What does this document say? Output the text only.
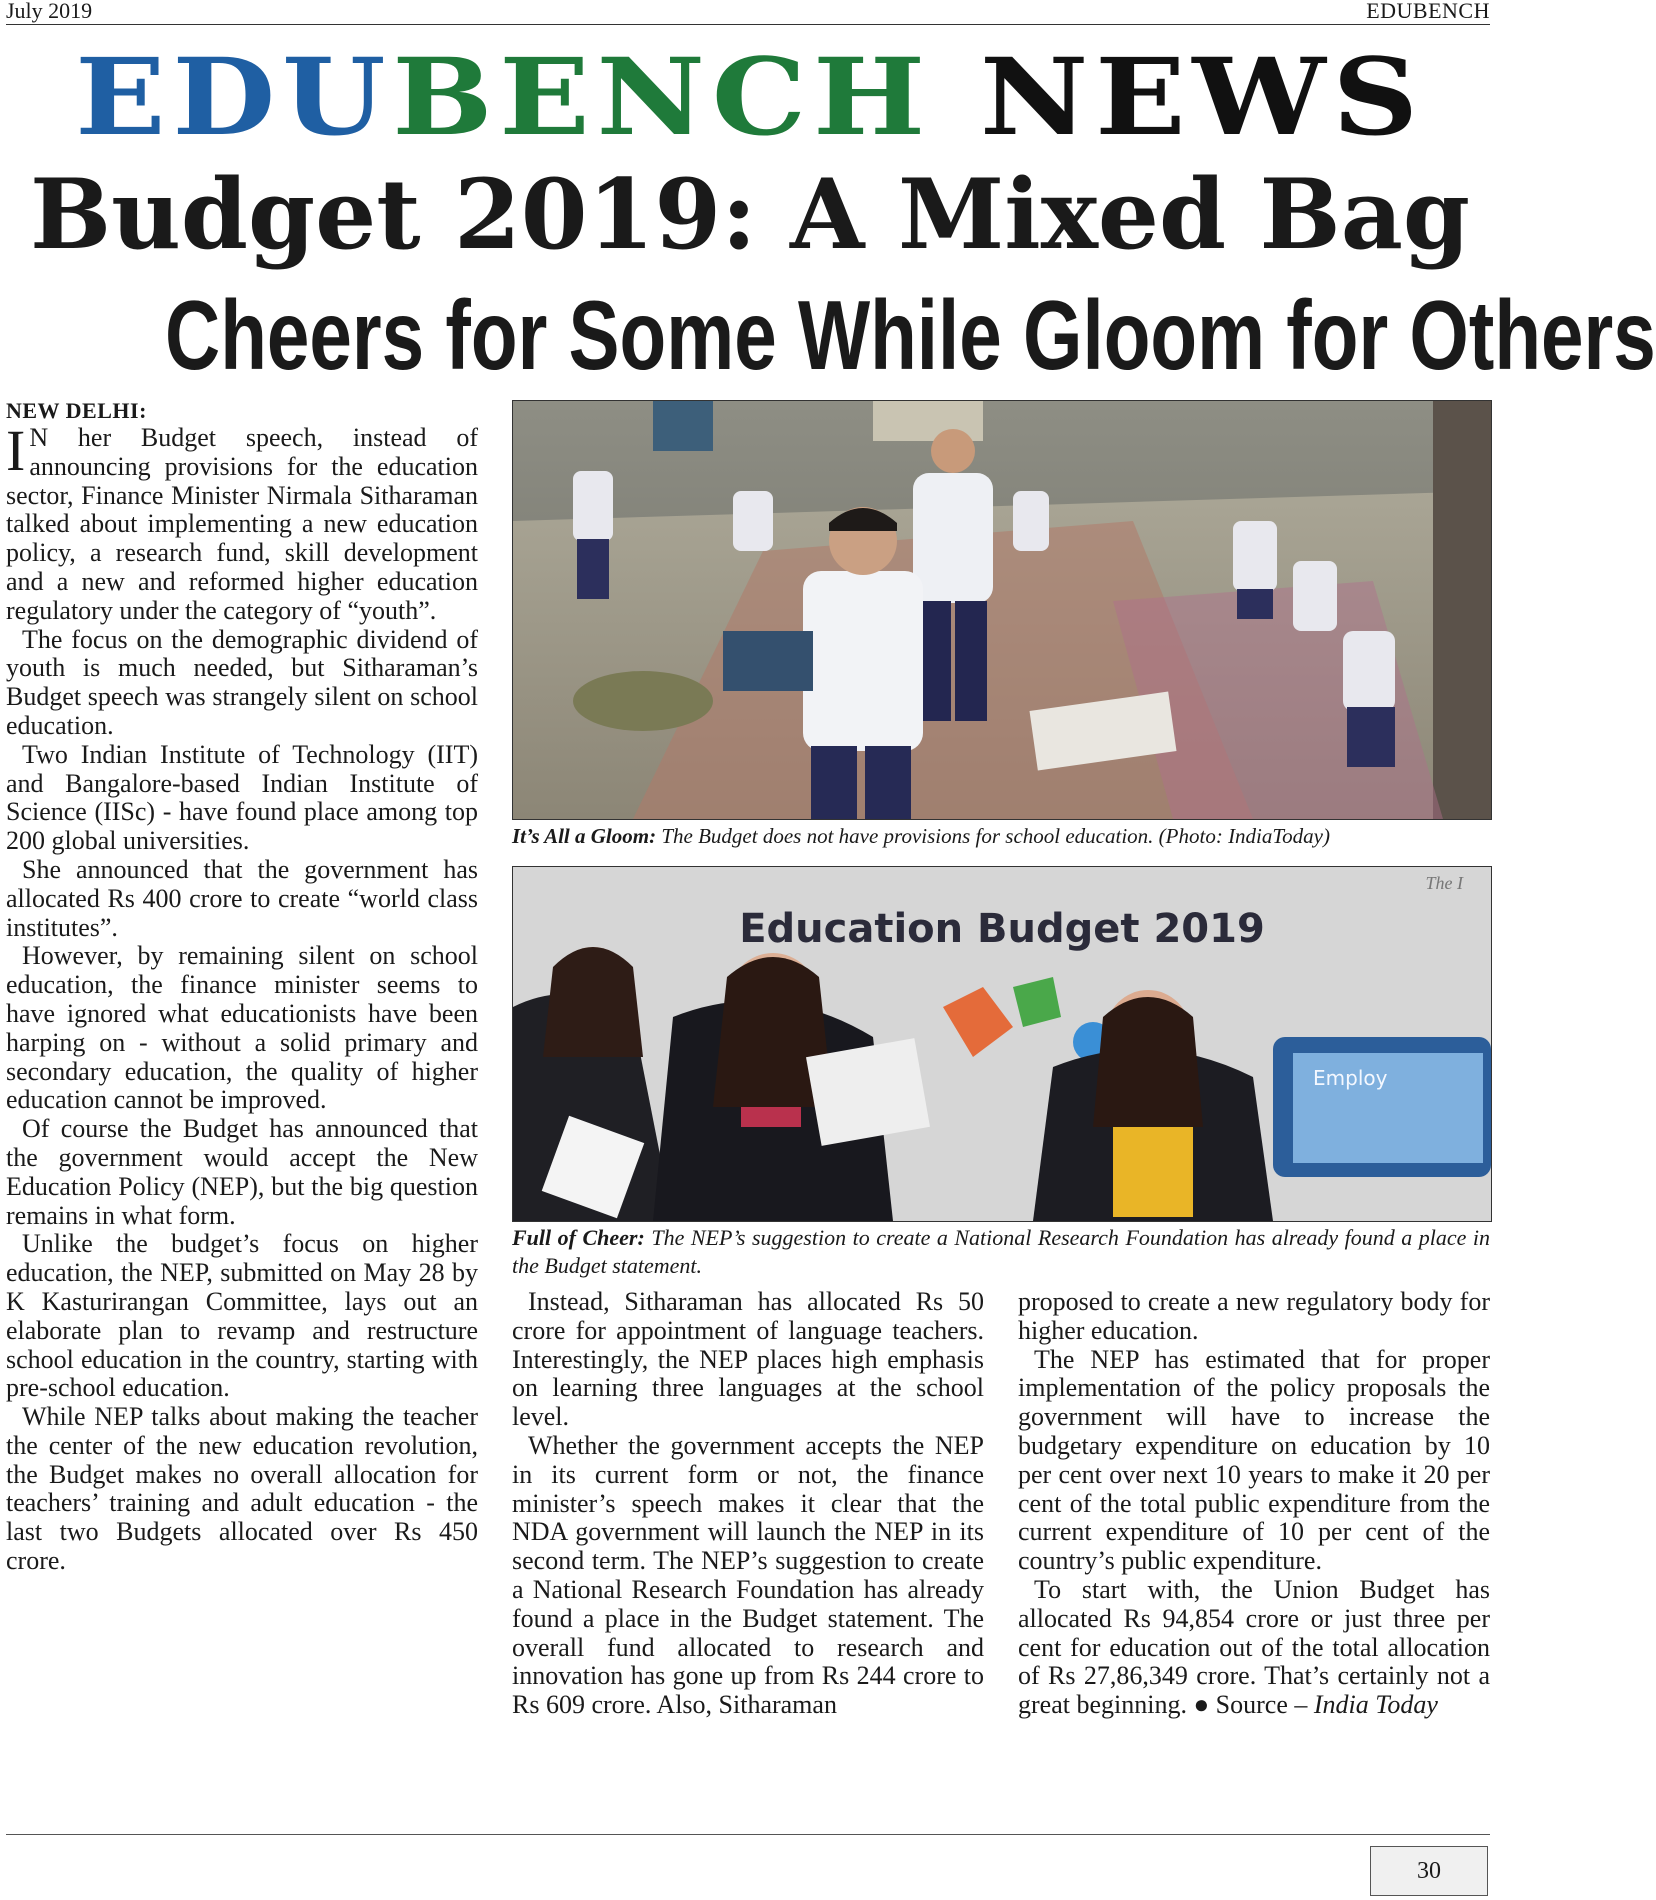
July 2019	EDUBENCH
EDUBENCH NEWS
Budget 2019: A Mixed Bag
Cheers for Some While Gloom for Others
NEW DELHI:

I N her Budget speech, instead of announcing provisions for the education sector, Finance Minister Nirmala Sitharaman talked about implementing a new education policy, a research fund, skill development and a new and reformed higher education regulatory under the category of “youth”.

The focus on the demographic dividend of youth is much needed, but Sitharaman’s Budget speech was strangely silent on school education.

Two Indian Institute of Technology (IIT) and Bangalore-based Indian Institute of Science (IISc) - have found place among top 200 global universities.

She announced that the government has allocated Rs 400 crore to create “world class institutes”.

However, by remaining silent on school education, the finance minister seems to have ignored what educationists have been harping on - without a solid primary and secondary education, the quality of higher education cannot be improved.

Of course the Budget has announced that the government would accept the New Education Policy (NEP), but the big question remains in what form.

Unlike the budget’s focus on higher education, the NEP, submitted on May 28 by K Kasturirangan Committee, lays out an elaborate plan to revamp and restructure school education in the country, starting with pre-school education.

While NEP talks about making the teacher the center of the new education revolution, the Budget makes no overall allocation for teachers’ training and adult education - the last two Budgets allocated over Rs 450 crore.

It’s All a Gloom: The Budget does not have provisions for school education. (Photo: IndiaToday)
The I
Education Budget 2019
Employ
Full of Cheer: The NEP’s suggestion to create a National Research Foundation has already found a place in the Budget statement.

Instead, Sitharaman has allocated Rs 50 crore for appointment of language teachers. Interestingly, the NEP places high emphasis on learning three languages at the school level.

Whether the government accepts the NEP in its current form or not, the finance minister’s speech makes it clear that the NDA government will launch the NEP in its second term. The NEP’s suggestion to create a National Research Foundation has already found a place in the Budget statement. The overall fund allocated to research and innovation has gone up from Rs 244 crore to Rs 609 crore. Also, Sitharaman

proposed to create a new regulatory body for higher education.

The NEP has estimated that for proper implementation of the policy proposals the government will have to increase the budgetary expenditure on education by 10 per cent over next 10 years to make it 20 per cent of the total public expenditure from the current expenditure of 10 per cent of the country’s public expenditure.

To start with, the Union Budget has allocated Rs 94,854 crore or just three per cent for education out of the total allocation of Rs 27,86,349 crore. That’s certainly not a great beginning. ● Source – India Today

30
